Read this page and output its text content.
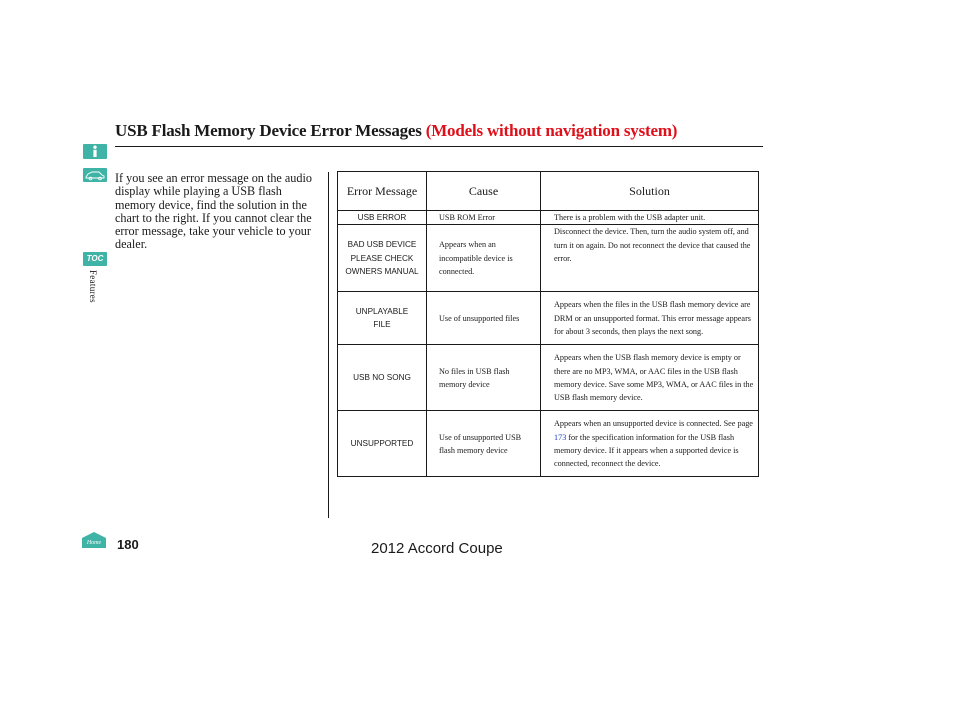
USB Flash Memory Device Error Messages (Models without navigation system)
TOC
Features
If you see an error message on the audio display while playing a USB flash memory device, find the solution in the chart to the right. If you cannot clear the error message, take your vehicle to your dealer.
Error Message	Cause	Solution
USB ERROR	USB ROM Error	There is a problem with the USB adapter unit.
BAD USB DEVICE PLEASE CHECK OWNERS MANUAL	Appears when an incompatible device is connected.	Disconnect the device. Then, turn the audio system off, and turn it on again. Do not reconnect the device that caused the error.
UNPLAYABLE FILE	Use of unsupported files	Appears when the files in the USB flash memory device are DRM or an unsupported format. This error message appears for about 3 seconds, then plays the next song.
USB NO SONG	No files in USB flash memory device	Appears when the USB flash memory device is empty or there are no MP3, WMA, or AAC files in the USB flash memory device. Save some MP3, WMA, or AAC files in the USB flash memory device.
UNSUPPORTED	Use of unsupported USB flash memory device	Appears when an unsupported device is connected. See page 173 for the specification information for the USB flash memory device. If it appears when a supported device is connected, reconnect the device.
Home 180	2012 Accord Coupe
